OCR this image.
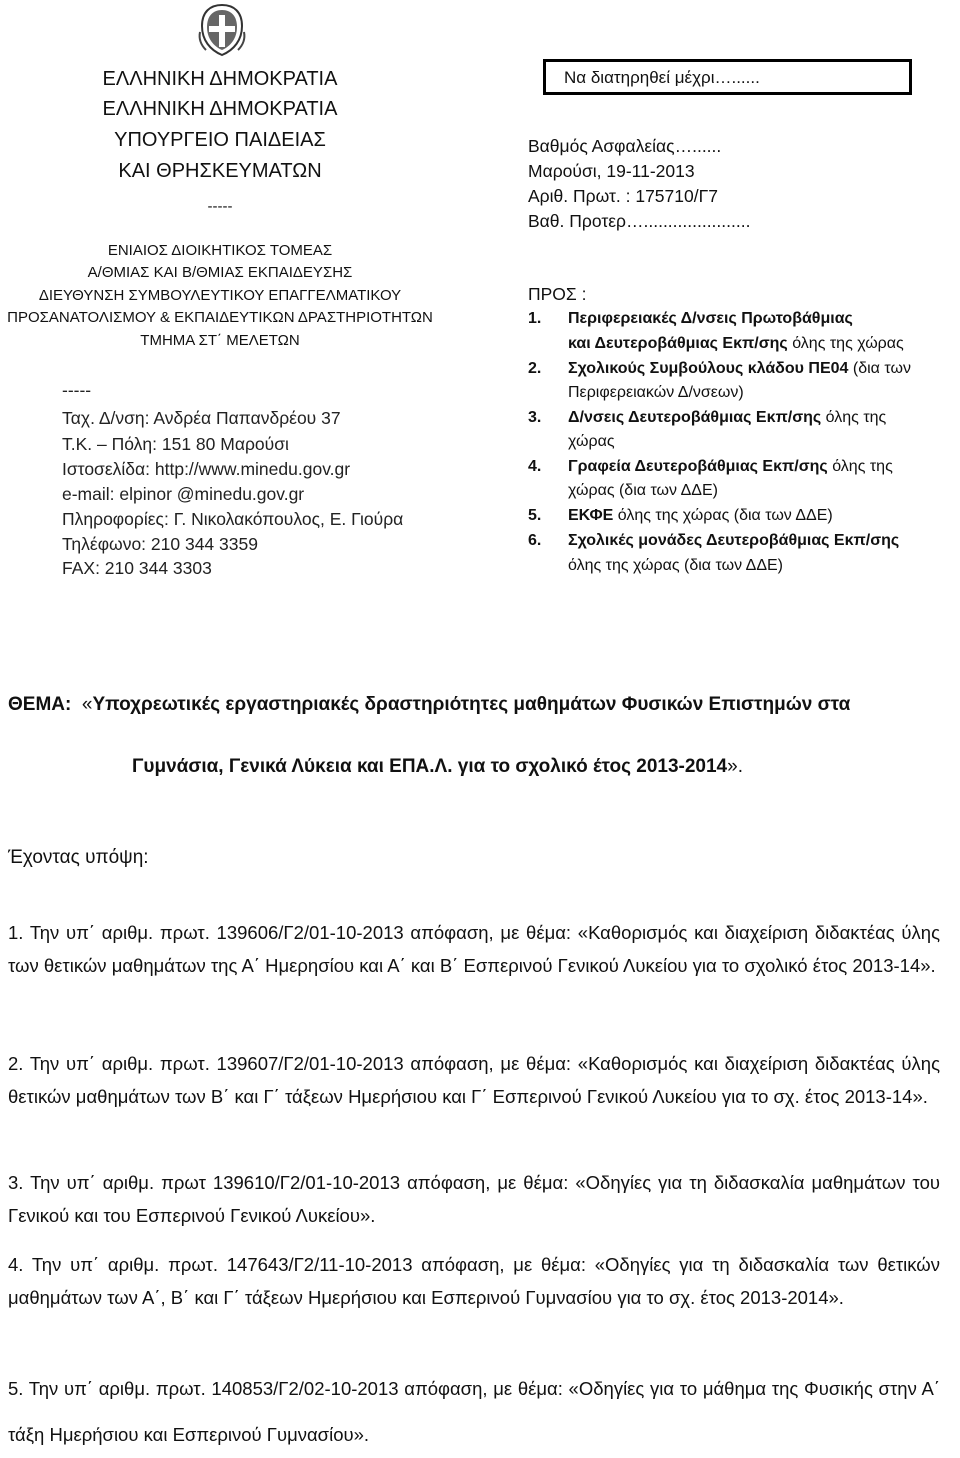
ΕΛΛΗΝΙΚΗ ΔΗΜΟΚΡΑΤΙΑ
ΕΛΛΗΝΙΚΗ ΔΗΜΟΚΡΑΤΙΑ
ΥΠΟΥΡΓΕΙΟ ΠΑΙΔΕΙΑΣ
ΚΑΙ ΘΡΗΣΚΕΥΜΑΤΩΝ
-----
ΕΝΙΑΙΟΣ ΔΙΟΙΚΗΤΙΚΟΣ ΤΟΜΕΑΣ
Α/ΘΜΙΑΣ ΚΑΙ Β/ΘΜΙΑΣ ΕΚΠΑΙΔΕΥΣΗΣ
ΔΙΕΥΘΥΝΣΗ ΣΥΜΒΟΥΛΕΥΤΙΚΟΥ ΕΠΑΓΓΕΛΜΑΤΙΚΟΥ
ΠΡΟΣΑΝΑΤΟΛΙΣΜΟΥ & ΕΚΠΑΙΔΕΥΤΙΚΩΝ ΔΡΑΣΤΗΡΙΟΤΗΤΩΝ
ΤΜΗΜΑ ΣΤ΄ ΜΕΛΕΤΩΝ
-----
Ταχ. Δ/νση: Ανδρέα Παπανδρέου 37
Τ.Κ. – Πόλη: 151 80 Μαρούσι
Ιστοσελίδα: http://www.minedu.gov.gr
e-mail: elpinor @minedu.gov.gr
Πληροφορίες: Γ. Νικολακόπουλος, Ε. Γιούρα
Τηλέφωνο: 210 344 3359
FAX: 210 344 3303
Να διατηρηθεί μέχρι…......
Βαθμός Ασφαλείας…......
Μαρούσι, 19-11-2013
Αριθ. Πρωτ. : 175710/Γ7
Βαθ. Προτερ…......................
ΠΡΟΣ :
1. Περιφερειακές Δ/νσεις Πρωτοβάθμιας
και Δευτεροβάθμιας Εκπ/σης όλης της χώρας
2. Σχολικούς Συμβούλους κλάδου ΠΕ04 (δια των
Περιφερειακών Δ/νσεων)
3. Δ/νσεις Δευτεροβάθμιας Εκπ/σης όλης της
χώρας
4. Γραφεία Δευτεροβάθμιας Εκπ/σης όλης της
χώρας (δια των ΔΔΕ)
5. ΕΚΦΕ όλης της χώρας (δια των ΔΔΕ)
6. Σχολικές μονάδες Δευτεροβάθμιας Εκπ/σης
όλης της χώρας (δια των ΔΔΕ)
ΘΕΜΑ: «Υποχρεωτικές εργαστηριακές δραστηριότητες μαθημάτων Φυσικών Επιστημών στα
Γυμνάσια, Γενικά Λύκεια και ΕΠΑ.Λ. για το σχολικό έτος 2013-2014».
Έχοντας υπόψη:

1. Την υπ΄ αριθμ. πρωτ. 139606/Γ2/01-10-2013 απόφαση, με θέμα: «Καθορισμός και διαχείριση διδακτέας ύλης των θετικών μαθημάτων της Α΄ Ημερησίου και Α΄ και Β΄ Εσπερινού Γενικού Λυκείου για το σχολικό έτος 2013-14».

2. Την υπ΄ αριθμ. πρωτ. 139607/Γ2/01-10-2013 απόφαση, με θέμα: «Καθορισμός και διαχείριση διδακτέας ύλης θετικών μαθημάτων των Β΄ και Γ΄ τάξεων Ημερήσιου και Γ΄ Εσπερινού Γενικού Λυκείου για το σχ. έτος 2013-14».

3. Την υπ΄ αριθμ. πρωτ 139610/Γ2/01-10-2013 απόφαση, με θέμα: «Οδηγίες για τη διδασκαλία μαθημάτων του Γενικού και του Εσπερινού Γενικού Λυκείου».

4. Την υπ΄ αριθμ. πρωτ. 147643/Γ2/11-10-2013 απόφαση, με θέμα: «Οδηγίες για τη διδασκαλία των θετικών μαθημάτων των Α΄, Β΄ και Γ΄ τάξεων Ημερήσιου και Εσπερινού Γυμνασίου για το σχ. έτος 2013-2014».

5. Την υπ΄ αριθμ. πρωτ. 140853/Γ2/02-10-2013 απόφαση, με θέμα: «Οδηγίες για το μάθημα της Φυσικής στην Α΄ τάξη Ημερήσιου και Εσπερινού Γυμνασίου».
